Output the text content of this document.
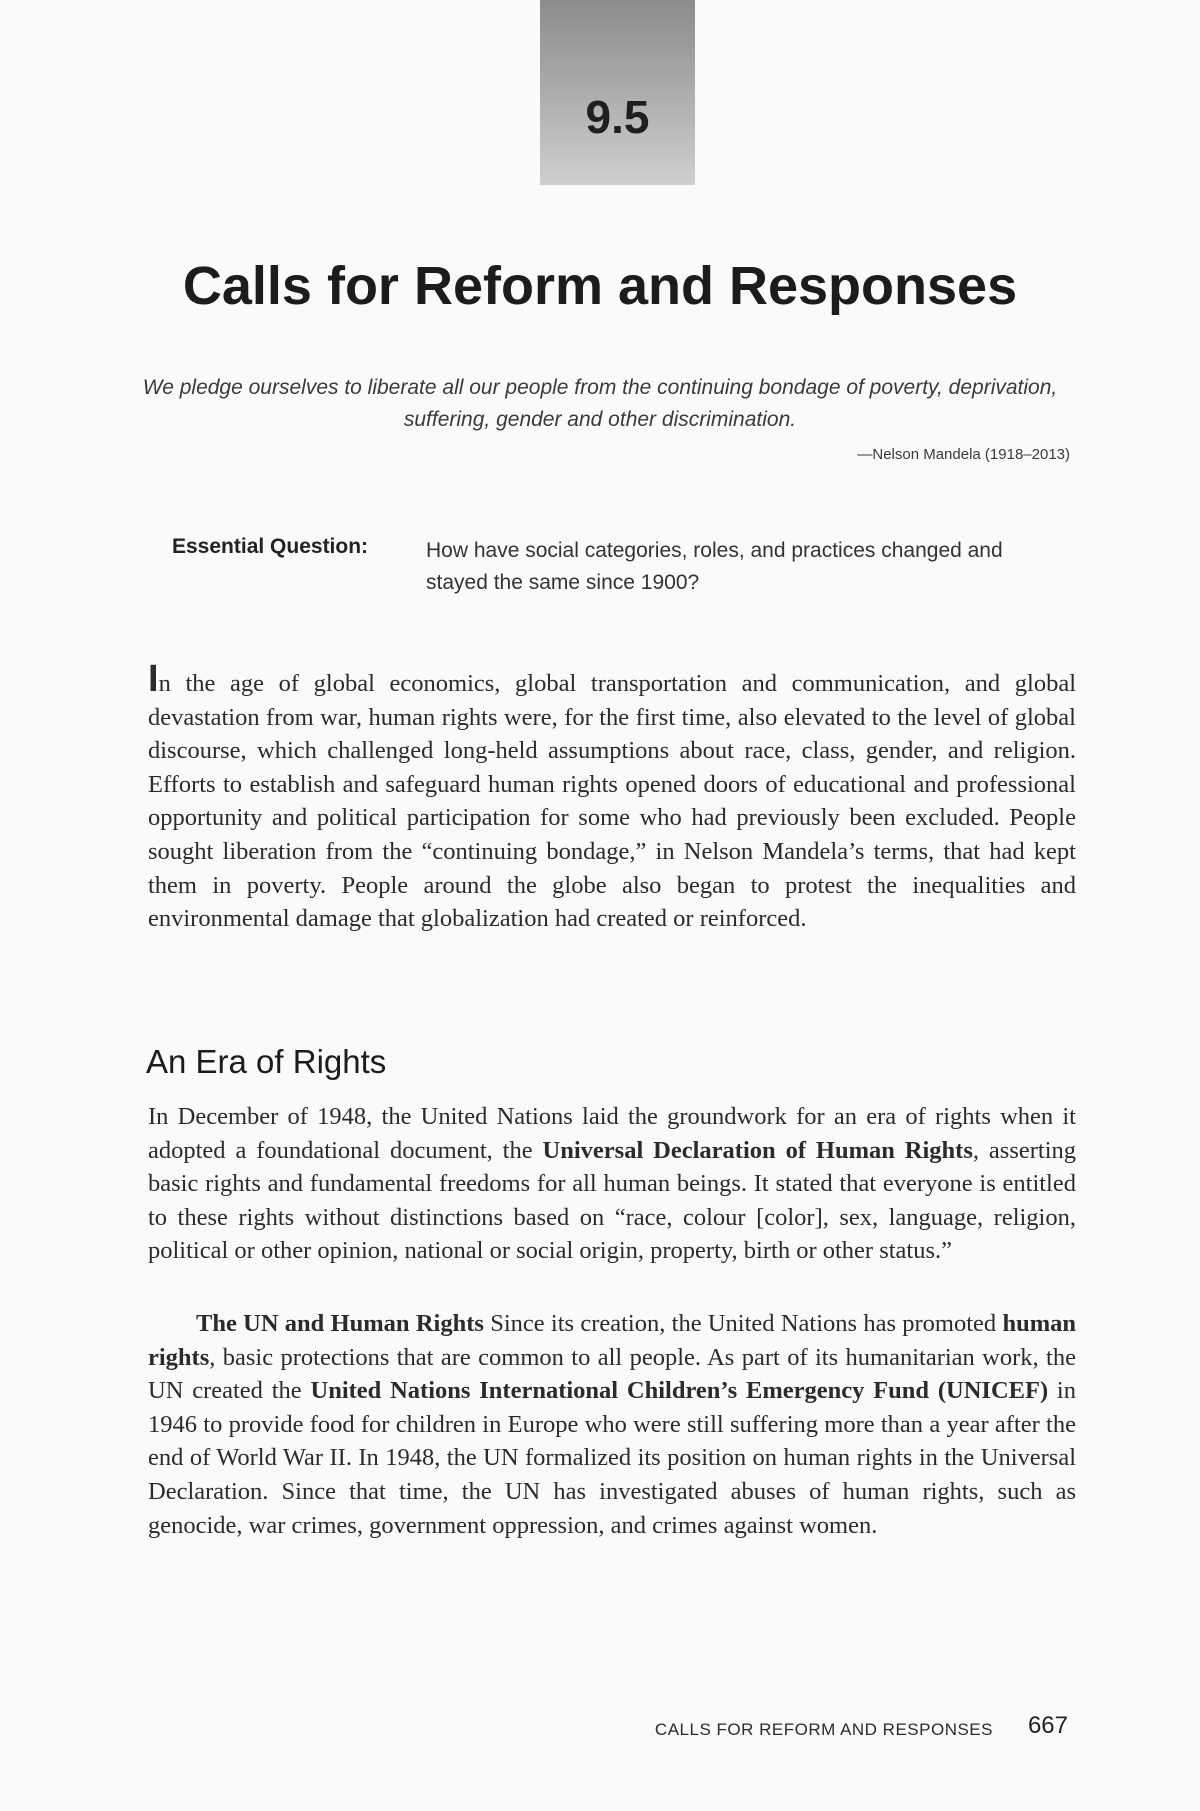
9.5
Calls for Reform and Responses
We pledge ourselves to liberate all our people from the continuing bondage of poverty, deprivation, suffering, gender and other discrimination.
—Nelson Mandela (1918–2013)
Essential Question:	How have social categories, roles, and practices changed and stayed the same since 1900?

In the age of global economics, global transportation and communication, and global devastation from war, human rights were, for the first time, also elevated to the level of global discourse, which challenged long-held assumptions about race, class, gender, and religion. Efforts to establish and safeguard human rights opened doors of educational and professional opportunity and political participation for some who had previously been excluded. People sought liberation from the “continuing bondage,” in Nelson Mandela’s terms, that had kept them in poverty. People around the globe also began to protest the inequalities and environmental damage that globalization had created or reinforced.

An Era of Rights

In December of 1948, the United Nations laid the groundwork for an era of rights when it adopted a foundational document, the Universal Declaration of Human Rights, asserting basic rights and fundamental freedoms for all human beings. It stated that everyone is entitled to these rights without distinctions based on “race, colour [color], sex, language, religion, political or other opinion, national or social origin, property, birth or other status.”

The UN and Human Rights Since its creation, the United Nations has promoted human rights, basic protections that are common to all people. As part of its humanitarian work, the UN created the United Nations International Children’s Emergency Fund (UNICEF) in 1946 to provide food for children in Europe who were still suffering more than a year after the end of World War II. In 1948, the UN formalized its position on human rights in the Universal Declaration. Since that time, the UN has investigated abuses of human rights, such as genocide, war crimes, government oppression, and crimes against women.

CALLS FOR REFORM AND RESPONSES 667
